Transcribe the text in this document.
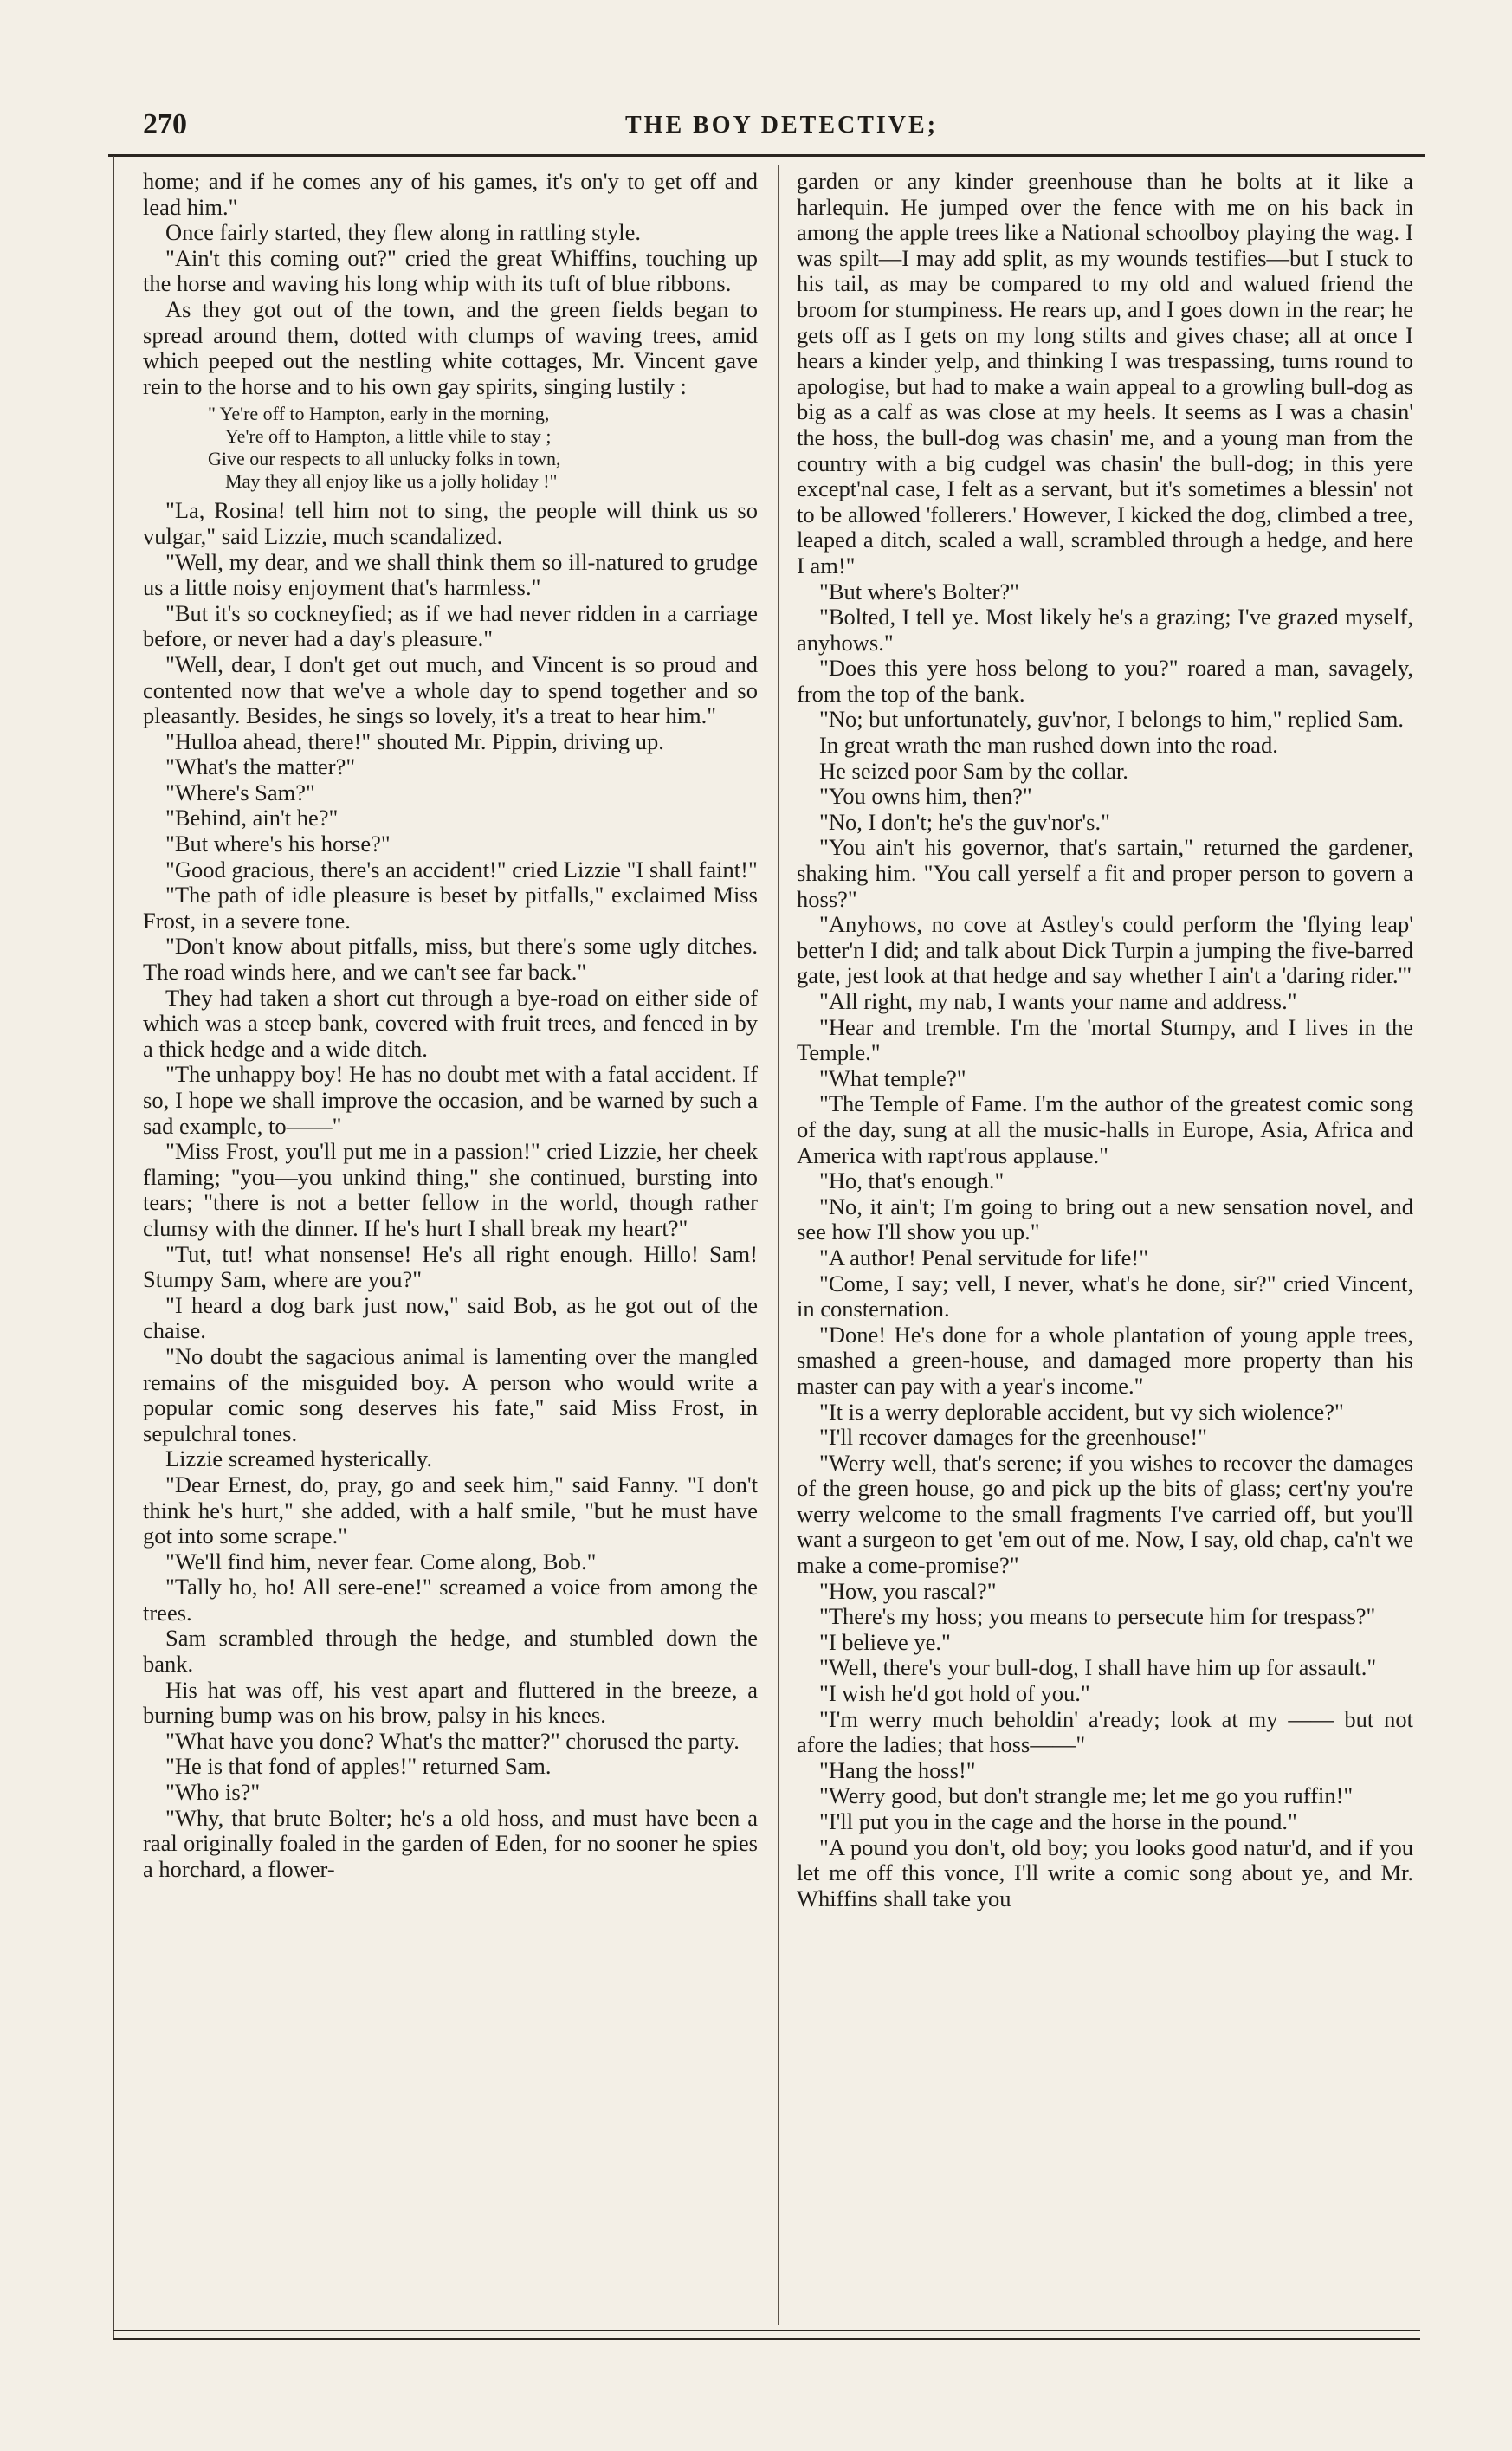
270	THE BOY DETECTIVE;

home; and if he comes any of his games, it's on'y to get off and lead him."

Once fairly started, they flew along in rattling style.

"Ain't this coming out?" cried the great Whiffins, touching up the horse and waving his long whip with its tuft of blue ribbons.

As they got out of the town, and the green fields began to spread around them, dotted with clumps of waving trees, amid which peeped out the nestling white cottages, Mr. Vincent gave rein to the horse and to his own gay spirits, singing lustily :

" Ye're off to Hampton, early in the morning,
Ye're off to Hampton, a little vhile to stay ;
Give our respects to all unlucky folks in town,
May they all enjoy like us a jolly holiday !"

"La, Rosina! tell him not to sing, the people will think us so vulgar," said Lizzie, much scandalized.

"Well, my dear, and we shall think them so ill-natured to grudge us a little noisy enjoyment that's harmless."

"But it's so cockneyfied; as if we had never ridden in a carriage before, or never had a day's pleasure."

"Well, dear, I don't get out much, and Vincent is so proud and contented now that we've a whole day to spend together and so pleasantly. Besides, he sings so lovely, it's a treat to hear him."

"Hulloa ahead, there!" shouted Mr. Pippin, driving up.

"What's the matter?"

"Where's Sam?"

"Behind, ain't he?"

"But where's his horse?"

"Good gracious, there's an accident!" cried Lizzie "I shall faint!"

"The path of idle pleasure is beset by pitfalls," exclaimed Miss Frost, in a severe tone.

"Don't know about pitfalls, miss, but there's some ugly ditches. The road winds here, and we can't see far back."

They had taken a short cut through a bye-road on either side of which was a steep bank, covered with fruit trees, and fenced in by a thick hedge and a wide ditch.

"The unhappy boy! He has no doubt met with a fatal accident. If so, I hope we shall improve the occasion, and be warned by such a sad example, to——"

"Miss Frost, you'll put me in a passion!" cried Lizzie, her cheek flaming; "you—you unkind thing," she continued, bursting into tears; "there is not a better fellow in the world, though rather clumsy with the dinner. If he's hurt I shall break my heart?"

"Tut, tut! what nonsense! He's all right enough. Hillo! Sam! Stumpy Sam, where are you?"

"I heard a dog bark just now," said Bob, as he got out of the chaise.

"No doubt the sagacious animal is lamenting over the mangled remains of the misguided boy. A person who would write a popular comic song deserves his fate," said Miss Frost, in sepulchral tones.

Lizzie screamed hysterically.

"Dear Ernest, do, pray, go and seek him," said Fanny. "I don't think he's hurt," she added, with a half smile, "but he must have got into some scrape."

"We'll find him, never fear. Come along, Bob."

"Tally ho, ho! All sere-ene!" screamed a voice from among the trees.

Sam scrambled through the hedge, and stumbled down the bank.

His hat was off, his vest apart and fluttered in the breeze, a burning bump was on his brow, palsy in his knees.

"What have you done? What's the matter?" chorused the party.

"He is that fond of apples!" returned Sam.

"Who is?"

"Why, that brute Bolter; he's a old hoss, and must have been a raal originally foaled in the garden of Eden, for no sooner he spies a horchard, a flower-

garden or any kinder greenhouse than he bolts at it like a harlequin. He jumped over the fence with me on his back in among the apple trees like a National schoolboy playing the wag. I was spilt—I may add split, as my wounds testifies—but I stuck to his tail, as may be compared to my old and walued friend the broom for stumpiness. He rears up, and I goes down in the rear; he gets off as I gets on my long stilts and gives chase; all at once I hears a kinder yelp, and thinking I was trespassing, turns round to apologise, but had to make a wain appeal to a growling bull-dog as big as a calf as was close at my heels. It seems as I was a chasin' the hoss, the bull-dog was chasin' me, and a young man from the country with a big cudgel was chasin' the bull-dog; in this yere except'nal case, I felt as a servant, but it's sometimes a blessin' not to be allowed 'follerers.' However, I kicked the dog, climbed a tree, leaped a ditch, scaled a wall, scrambled through a hedge, and here I am!"

"But where's Bolter?"

"Bolted, I tell ye. Most likely he's a grazing; I've grazed myself, anyhows."

"Does this yere hoss belong to you?" roared a man, savagely, from the top of the bank.

"No; but unfortunately, guv'nor, I belongs to him," replied Sam.

In great wrath the man rushed down into the road.

He seized poor Sam by the collar.

"You owns him, then?"

"No, I don't; he's the guv'nor's."

"You ain't his governor, that's sartain," returned the gardener, shaking him. "You call yerself a fit and proper person to govern a hoss?"

"Anyhows, no cove at Astley's could perform the 'flying leap' better'n I did; and talk about Dick Turpin a jumping the five-barred gate, jest look at that hedge and say whether I ain't a 'daring rider.'"

"All right, my nab, I wants your name and address."

"Hear and tremble. I'm the 'mortal Stumpy, and I lives in the Temple."

"What temple?"

"The Temple of Fame. I'm the author of the greatest comic song of the day, sung at all the music-halls in Europe, Asia, Africa and America with rapt'rous applause."

"Ho, that's enough."

"No, it ain't; I'm going to bring out a new sensation novel, and see how I'll show you up."

"A author! Penal servitude for life!"

"Come, I say; vell, I never, what's he done, sir?" cried Vincent, in consternation.

"Done! He's done for a whole plantation of young apple trees, smashed a green-house, and damaged more property than his master can pay with a year's income."

"It is a werry deplorable accident, but vy sich wiolence?"

"I'll recover damages for the greenhouse!"

"Werry well, that's serene; if you wishes to recover the damages of the green house, go and pick up the bits of glass; cert'ny you're werry welcome to the small fragments I've carried off, but you'll want a surgeon to get 'em out of me. Now, I say, old chap, ca'n't we make a come-promise?"

"How, you rascal?"

"There's my hoss; you means to persecute him for trespass?"

"I believe ye."

"Well, there's your bull-dog, I shall have him up for assault."

"I wish he'd got hold of you."

"I'm werry much beholdin' a'ready; look at my —— but not afore the ladies; that hoss——"

"Hang the hoss!"

"Werry good, but don't strangle me; let me go you ruffin!"

"I'll put you in the cage and the horse in the pound."

"A pound you don't, old boy; you looks good natur'd, and if you let me off this vonce, I'll write a comic song about ye, and Mr. Whiffins shall take you
